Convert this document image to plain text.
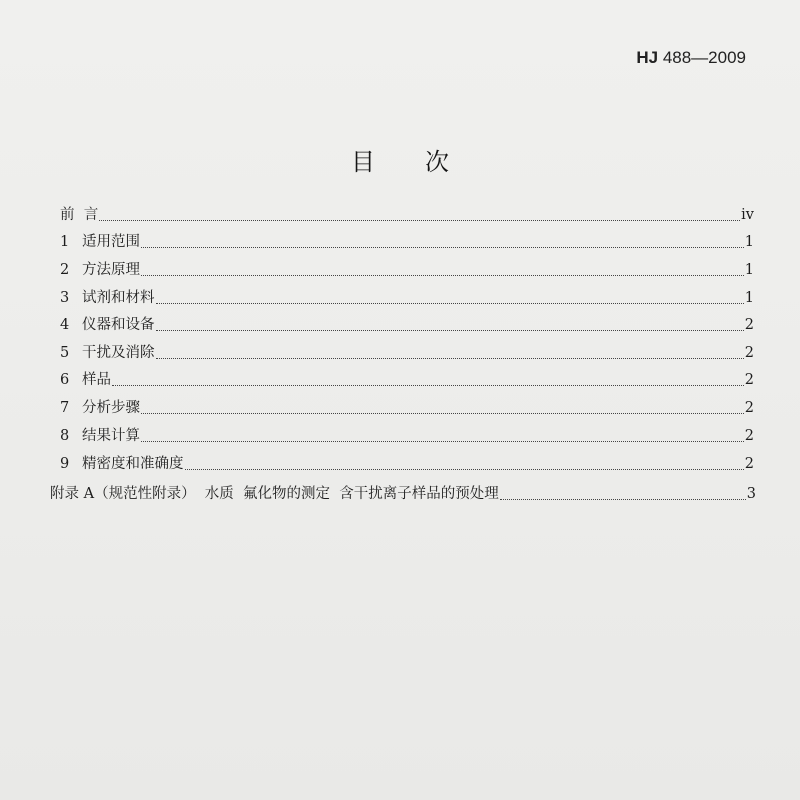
HJ 488—2009
目次
前  言	iv
1 适用范围	1
2 方法原理	1
3 试剂和材料	1
4 仪器和设备	2
5 干扰及消除	2
6 样品	2
7 分析步骤	2
8 结果计算	2
9 精密度和准确度	2
附录 A（规范性附录）  水质  氟化物的测定  含干扰离子样品的预处理	3
